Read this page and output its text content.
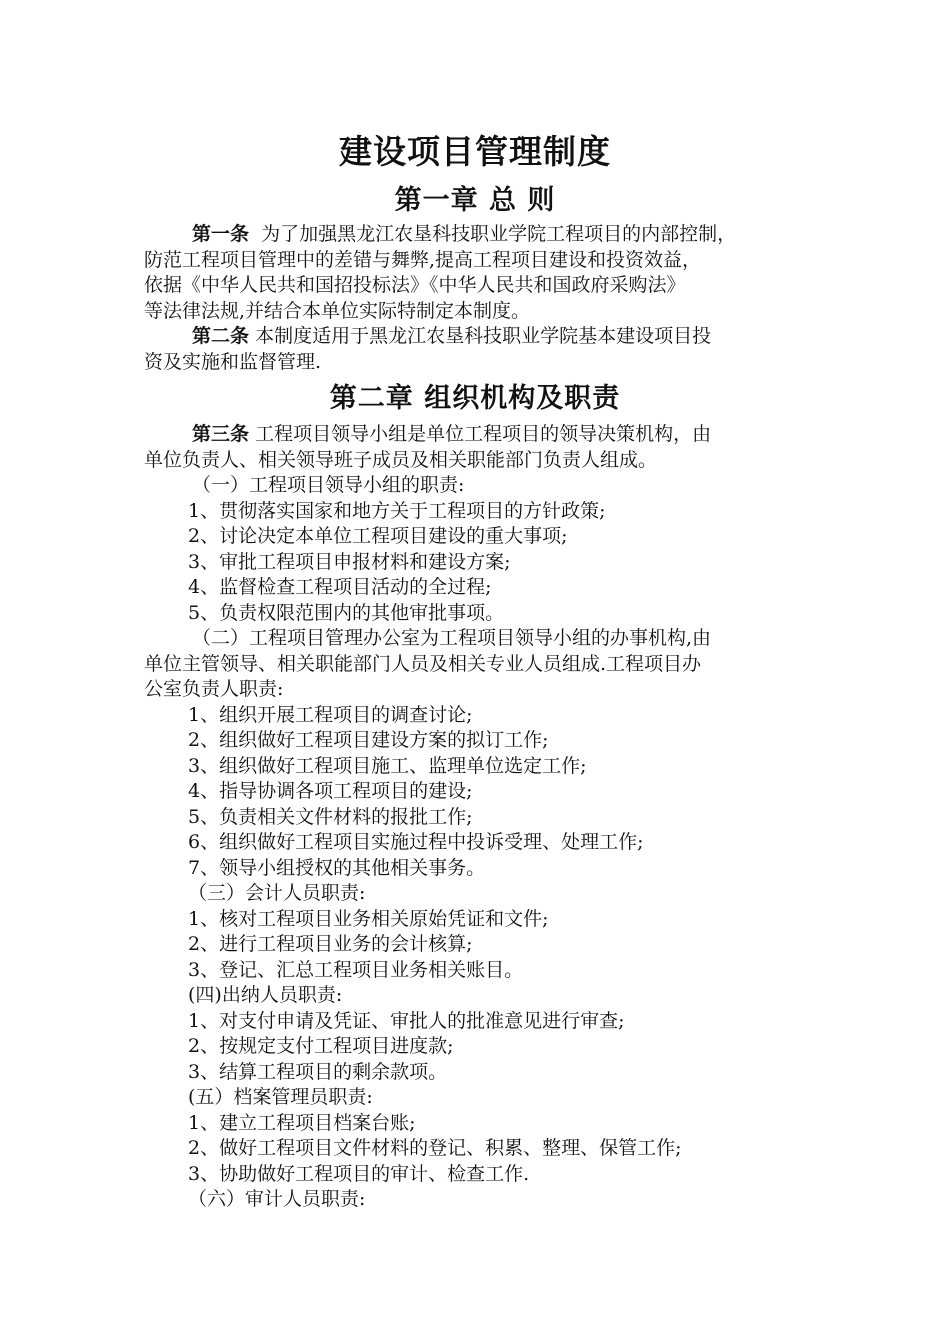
建设项目管理制度
第一章 总 则
第一条 为了加强黑龙江农垦科技职业学院工程项目的内部控制，
防范工程项目管理中的差错与舞弊,提高工程项目建设和投资效益，
依据《中华人民共和国招投标法》《中华人民共和国政府采购法》
等法律法规,并结合本单位实际特制定本制度。
第二条 本制度适用于黑龙江农垦科技职业学院基本建设项目投
资及实施和监督管理.
第二章 组织机构及职责
第三条 工程项目领导小组是单位工程项目的领导决策机构，由
单位负责人、相关领导班子成员及相关职能部门负责人组成。
（一）工程项目领导小组的职责:
1、贯彻落实国家和地方关于工程项目的方针政策;
2、讨论决定本单位工程项目建设的重大事项;
3、审批工程项目申报材料和建设方案;
4、监督检查工程项目活动的全过程;
5、负责权限范围内的其他审批事项。
（二）工程项目管理办公室为工程项目领导小组的办事机构,由
单位主管领导、相关职能部门人员及相关专业人员组成.工程项目办
公室负责人职责:
1、组织开展工程项目的调查讨论;
2、组织做好工程项目建设方案的拟订工作;
3、组织做好工程项目施工、监理单位选定工作;
4、指导协调各项工程项目的建设;
5、负责相关文件材料的报批工作;
6、组织做好工程项目实施过程中投诉受理、处理工作;
7、领导小组授权的其他相关事务。
（三）会计人员职责:
1、核对工程项目业务相关原始凭证和文件;
2、进行工程项目业务的会计核算;
3、登记、汇总工程项目业务相关账目。
(四)出纳人员职责:
1、对支付申请及凭证、审批人的批准意见进行审查;
2、按规定支付工程项目进度款;
3、结算工程项目的剩余款项。
(五）档案管理员职责:
1、建立工程项目档案台账;
2、做好工程项目文件材料的登记、积累、整理、保管工作;
3、协助做好工程项目的审计、检查工作.
（六）审计人员职责:
